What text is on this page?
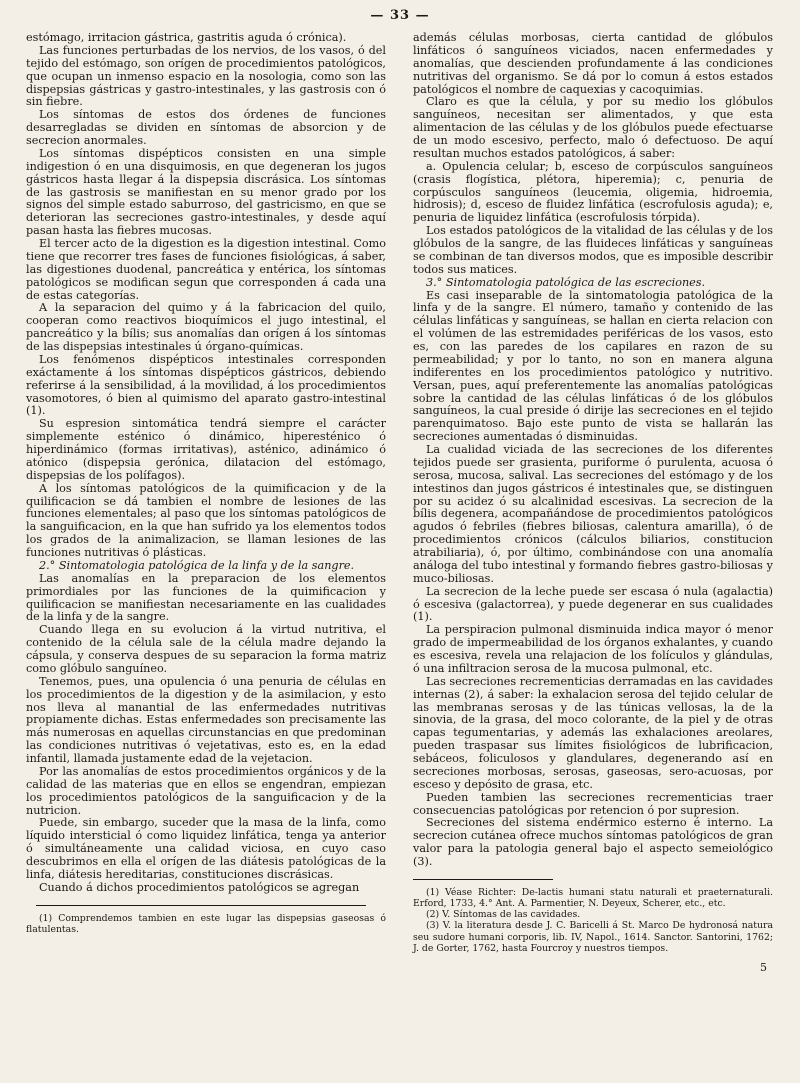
— 33 —

estómago, irritacion gástrica, gastritis aguda ó crónica).

Las funciones perturbadas de los nervios, de los vasos, ó del tejido del estómago, son orígen de procedimientos patológicos, que ocupan un inmenso espacio en la nosologia, como son las dispepsias gástricas y gastro-intestinales, y las gastrosis con ó sin fiebre.

Los síntomas de estos dos órdenes de funciones desarregladas se dividen en síntomas de absorcion y de secrecion anormales.

Los síntomas dispépticos consisten en una simple indigestion ó en una disquimosis, en que degeneran los jugos gástricos hasta llegar á la dispepsia discrásica. Los síntomas de las gastrosis se manifiestan en su menor grado por los signos del simple estado saburroso, del gastricismo, en que se deterioran las secreciones gastro-intestinales, y desde aquí pasan hasta las fiebres mucosas.

El tercer acto de la digestion es la digestion intestinal. Como tiene que recorrer tres fases de funciones fisiológicas, á saber, las digestiones duodenal, pancreática y entérica, los síntomas patológicos se modifican segun que corresponden á cada una de estas categorías.

A la separacion del quimo y á la fabricacion del quilo, cooperan como reactivos bioquímicos el jugo intestinal, el pancreático y la bílis; sus anomalías dan orígen á los síntomas de las dispepsias intestinales ú órgano-químicas.

Los fenómenos dispépticos intestinales corresponden exáctamente á los síntomas dispépticos gástricos, debiendo referirse á la sensibilidad, á la movilidad, á los procedimientos vasomotores, ó bien al quimismo del aparato gastro-intestinal (1).

Su espresion sintomática tendrá siempre el carácter simplemente esténico ó dinámico, hiperesténico ó hiperdinámico (formas irritativas), asténico, adinámico ó atónico (dispepsia gerónica, dilatacion del estómago, dispepsias de los polífagos).

A los síntomas patológicos de la quimificacion y de la quilificacion se dá tambien el nombre de lesiones de las funciones elementales; al paso que los síntomas patológicos de la sanguificacion, en la que han sufrido ya los elementos todos los grados de la animalizacion, se llaman lesiones de las funciones nutritivas ó plásticas.

2.° Sintomatologia patológica de la linfa y de la sangre.

Las anomalías en la preparacion de los elementos primordiales por las funciones de la quimificacion y quilificacion se manifiestan necesariamente en las cualidades de la linfa y de la sangre.

Cuando llega en su evolucion á la virtud nutritiva, el contenido de la célula sale de la célula madre dejando la cápsula, y conserva despues de su separacion la forma matriz como glóbulo sanguíneo.

Tenemos, pues, una opulencia ó una penuria de células en los procedimientos de la digestion y de la asimilacion, y esto nos lleva al manantial de las enfermedades nutritivas propiamente dichas. Estas enfermedades son precisamente las más numerosas en aquellas circunstancias en que predominan las condiciones nutritivas ó vejetativas, esto es, en la edad infantil, llamada justamente edad de la vejetacion.

Por las anomalías de estos procedimientos orgánicos y de la calidad de las materias que en ellos se engendran, empiezan los procedimientos patológicos de la sanguificacion y de la nutricion.

Puede, sin embargo, suceder que la masa de la linfa, como líquido intersticial ó como liquidez linfática, tenga ya anterior ó simultáneamente una calidad viciosa, en cuyo caso descubrimos en ella el orígen de las diátesis patológicas de la linfa, diátesis hereditarias, constituciones discrásicas.

Cuando á dichos procedimientos patológicos se agregan

(1) Comprendemos tambien en este lugar las dispepsias gaseosas ó flatulentas.

además células morbosas, cierta cantidad de glóbulos linfáticos ó sanguíneos viciados, nacen enfermedades y anomalías, que descienden profundamente á las condiciones nutritivas del organismo. Se dá por lo comun á estos estados patológicos el nombre de caquexias y cacoquimias.

Claro es que la célula, y por su medio los glóbulos sanguíneos, necesitan ser alimentados, y que esta alimentacion de las células y de los glóbulos puede efectuarse de un modo escesivo, perfecto, malo ó defectuoso. De aquí resultan muchos estados patológicos, á saber:

a. Opulencia celular; b, esceso de corpúsculos sanguíneos (crasis flogística, plétora, hiperemia); c, penuria de corpúsculos sanguíneos (leucemia, oligemia, hidroemia, hidrosis); d, esceso de fluidez linfática (escrofulosis aguda); e, penuria de liquidez linfática (escrofulosis tórpida).

Los estados patológicos de la vitalidad de las células y de los glóbulos de la sangre, de las fluideces linfáticas y sanguíneas se combinan de tan diversos modos, que es imposible describir todos sus matices.

3.° Sintomatologia patológica de las escreciones.

Es casi inseparable de la sintomatologia patológica de la linfa y de la sangre. El número, tamaño y contenido de las células linfáticas y sanguíneas, se hallan en cierta relacion con el volúmen de las estremidades periféricas de los vasos, esto es, con las paredes de los capilares en razon de su permeabilidad; y por lo tanto, no son en manera alguna indiferentes en los procedimientos patológico y nutritivo. Versan, pues, aquí preferentemente las anomalías patológicas sobre la cantidad de las células linfáticas ó de los glóbulos sanguíneos, la cual preside ó dirije las secreciones en el tejido parenquimatoso. Bajo este punto de vista se hallarán las secreciones aumentadas ó disminuidas.

La cualidad viciada de las secreciones de los diferentes tejidos puede ser grasienta, puriforme ó purulenta, acuosa ó serosa, mucosa, salival. Las secreciones del estómago y de los intestinos dan jugos gástricos é intestinales que, se distinguen por su acidez ó su alcalinidad escesivas. La secrecion de la bílis degenera, acompañándose de procedimientos patológicos agudos ó febriles (fiebres biliosas, calentura amarilla), ó de procedimientos crónicos (cálculos biliarios, constitucion atrabiliaria), ó, por último, combinándose con una anomalía análoga del tubo intestinal y formando fiebres gastro-biliosas y muco-biliosas.

La secrecion de la leche puede ser escasa ó nula (agalactia) ó escesiva (galactorrea), y puede degenerar en sus cualidades (1).

La perspiracion pulmonal disminuida indica mayor ó menor grado de impermeabilidad de los órganos exhalantes, y cuando es escesiva, revela una relajacion de los folículos y glándulas, ó una infiltracion serosa de la mucosa pulmonal, etc.

Las secreciones recrementicias derramadas en las cavidades internas (2), á saber: la exhalacion serosa del tejido celular de las membranas serosas y de las túnicas vellosas, la de la sinovia, de la grasa, del moco colorante, de la piel y de otras capas tegumentarias, y además las exhalaciones areolares, pueden traspasar sus límites fisiológicos de lubrificacion, sebáceos, foliculosos y glandulares, degenerando así en secreciones morbosas, serosas, gaseosas, sero-acuosas, por esceso y depósito de grasa, etc.

Pueden tambien las secreciones recrementicias traer consecuencias patológicas por retencion ó por supresion.

Secreciones del sistema endérmico esterno é interno. La secrecion cutánea ofrece muchos síntomas patológicos de gran valor para la patologia general bajo el aspecto semeiológico (3).

(1) Véase Richter: De-lactis humani statu naturali et praeternaturali. Erford, 1733, 4.° Ant. A. Parmentier, N. Deyeux, Scherer, etc., etc.

(2) V. Síntomas de las cavidades.

(3) V. la literatura desde J. C. Baricelli á St. Marco De hydronosá natura seu sudore humani corporis, lib. IV, Napol., 1614. Sanctor. Santorini, 1762; J. de Gorter, 1762, hasta Fourcroy y nuestros tiempos.

5
